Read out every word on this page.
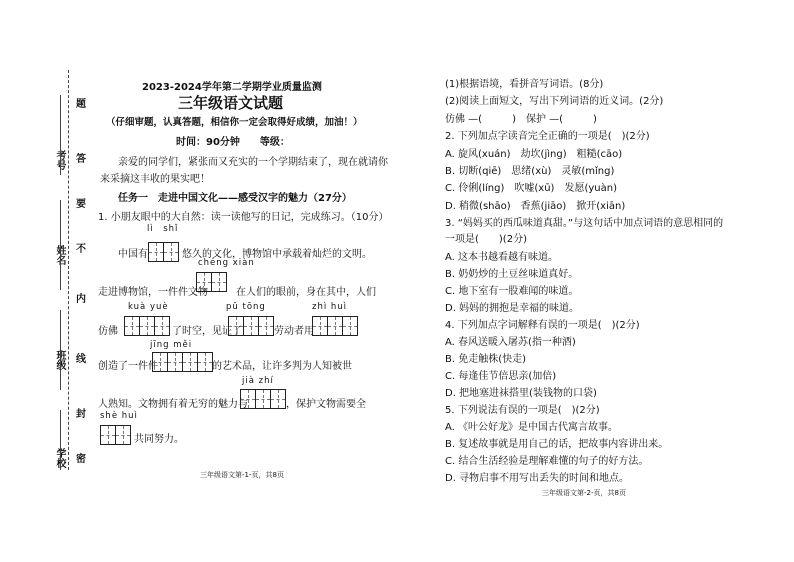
题
答
要
不
内
线
封
密
2023-2024学年第二学期学业质量监测
三年级语文试题
（仔细审题，认真答题，相信你一定会取得好成绩，加油！）
时间：90分钟　　等级：
亲爱的同学们，紧张而又充实的一个学期结束了，现在就请你
来采摘这丰收的果实吧！
任务一　走进中国文化——感受汉字的魅力（27分）
1. 小朋友眼中的大自然：读一读他写的日记，完成练习。（10分）
lì　shǐ
中国有	悠久的文化，博物馆中承载着灿烂的文明。
chéng xiàn
走进博物馆，一件件文物	在人们的眼前，身在其中，人们
kuà yuè	pǔ tōng	zhì huì
仿佛	了时空，见证了	劳动者用
jīng měi
创造了一件件	的艺术品，让许多判为人知被世
jià zhí
人熟知。文物拥有着无穷的魅力与	，保护文物需要全
shè huì
共同努力。
三年级语文第-1-页，共8页
(1)根据语境，看拼音写词语。(8分)
(2)阅读上面短文，写出下列词语的近义词。(2分)
仿佛 —(　　　)　保护 —(　　　)
2. 下列加点字读音完全正确的一项是(　)(2分)
A. 旋风(xuán)　劫坎(jìng)　粗糙(cāo)
B. 切断(qiē)　思绪(xù)　灵敏(mǐng)
C. 伶俐(líng)　吹嘘(xū)　发愿(yuàn)
D. 稍微(shāo)　香蕉(jiāo)　掀开(xiān)
3. “妈妈买的西瓜味道真甜。”与这句话中加点词语的意思相同的
一项是(　　)(2分)
A. 这本书越看越有味道。
B. 奶奶炒的土豆丝味道真好。
C. 地下室有一股难闻的味道。
D. 妈妈的拥抱是幸福的味道。
4. 下列加点字词解释有误的一项是(　)(2分)
A. 春风送暖入屠苏(指一种酒)
B. 免走触株(快走)
C. 每逢佳节倍思亲(加倍)
D. 把地塞进袜搭里(装钱物的口袋)
5. 下列说法有误的一项是(　)(2分)
A. 《叶公好龙》是中国古代寓言故事。
B. 复述故事就是用自己的话，把故事内容讲出来。
C. 结合生活经验是理解难懂的句子的好方法。
D. 寻物启事不用写出丢失的时间和地点。
三年级语文第-2-页，共8页
